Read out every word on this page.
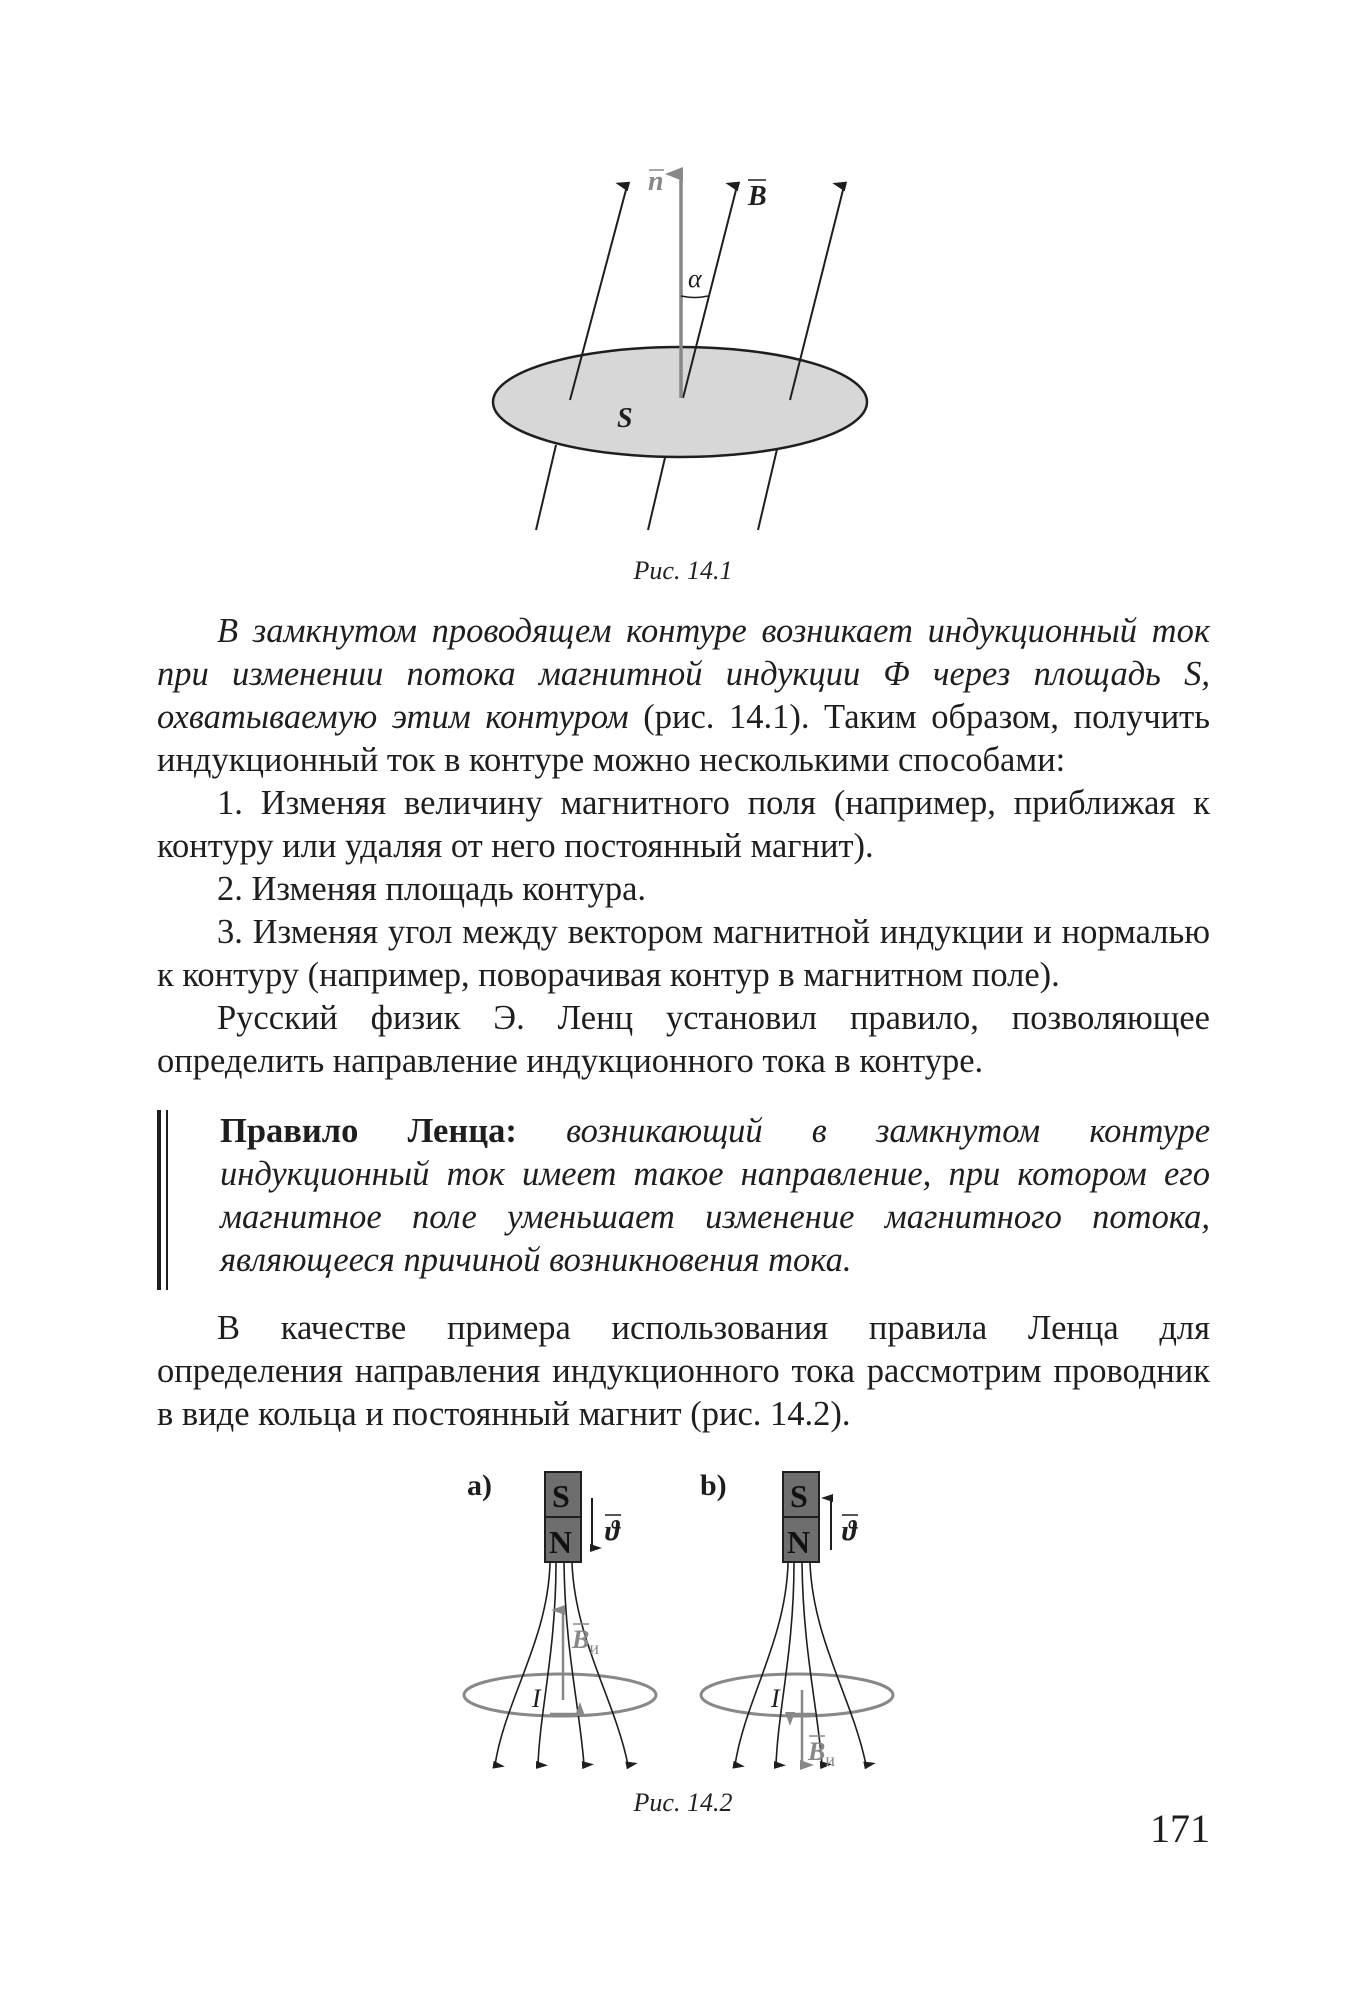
n	B
α
S
Рис. 14.1

В замкнутом проводящем контуре возникает индукционный ток при изменении потока магнитной индукции Φ через площадь S, охватываемую этим контуром (рис. 14.1). Таким образом, получить индукционный ток в контуре можно несколькими способами:

1. Изменяя величину магнитного поля (например, приближая к контуру или удаляя от него постоянный магнит).

2. Изменяя площадь контура.

3. Изменяя угол между вектором магнитной индукции и нормалью к контуру (например, поворачивая контур в магнитном поле).

Русский физик Э. Ленц установил правило, позволяющее определить направление индукционного тока в контуре.

Правило Ленца: возникающий в замкнутом контуре индукционный ток имеет такое направление, при котором его магнитное поле уменьшает изменение магнитного потока, являющееся причиной возникновения тока.

В качестве примера использования правила Ленца для определения направления индукционного тока рассмотрим проводник в виде кольца и постоянный магнит (рис. 14.2).

а) S
N ϑ
$B_и$
I
b) S
N ϑ
$B_и$
I
Рис. 14.2
171
